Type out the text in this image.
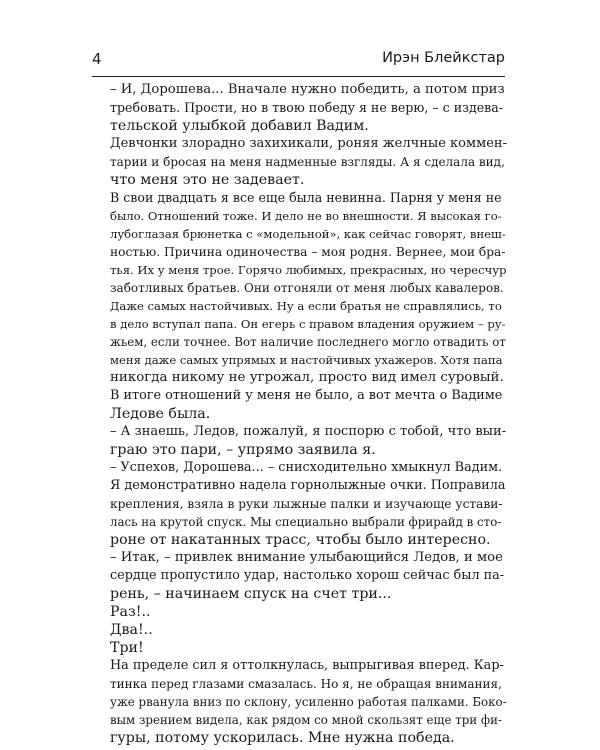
4	Ирэн Блейкстар

– И, Дорошева... Вначале нужно победить, а потом приз
требовать. Прости, но в твою победу я не верю, – с издева-
тельской улыбкой добавил Вадим.

Девчонки злорадно захихикали, роняя желчные коммен-
тарии и бросая на меня надменные взгляды. А я сделала вид,
что меня это не задевает.

В свои двадцать я все еще была невинна. Парня у меня не
было. Отношений тоже. И дело не во внешности. Я высокая го-
лубоглазая брюнетка с «модельной», как сейчас говорят, внеш-
ностью. Причина одиночества – моя родня. Вернее, мои бра-
тья. Их у меня трое. Горячо любимых, прекрасных, но чересчур
заботливых братьев. Они отгоняли от меня любых кавалеров.
Даже самых настойчивых. Ну а если братья не справлялись, то
в дело вступал папа. Он егерь с правом владения оружием – ру-
жьем, если точнее. Вот наличие последнего могло отвадить от
меня даже самых упрямых и настойчивых ухажеров. Хотя папа
никогда никому не угрожал, просто вид имел суровый.

В итоге отношений у меня не было, а вот мечта о Вадиме
Ледове была.

– А знаешь, Ледов, пожалуй, я поспорю с тобой, что выи-
граю это пари, – упрямо заявила я.

– Успехов, Дорошева... – снисходительно хмыкнул Вадим.

Я демонстративно надела горнолыжные очки. Поправила
крепления, взяла в руки лыжные палки и изучающе устави-
лась на крутой спуск. Мы специально выбрали фрирайд в сто-
роне от накатанных трасс, чтобы было интересно.

– Итак, – привлек внимание улыбающийся Ледов, и мое
сердце пропустило удар, настолько хорош сейчас был па-
рень, – начинаем спуск на счет три...

Раз!..

Два!..

Три!

На пределе сил я оттолкнулась, выпрыгивая вперед. Кар-
тинка перед глазами смазалась. Но я, не обращая внимания,
уже рванула вниз по склону, усиленно работая палками. Боко-
вым зрением видела, как рядом со мной скользят еще три фи-
гуры, потому ускорилась. Мне нужна победа.
